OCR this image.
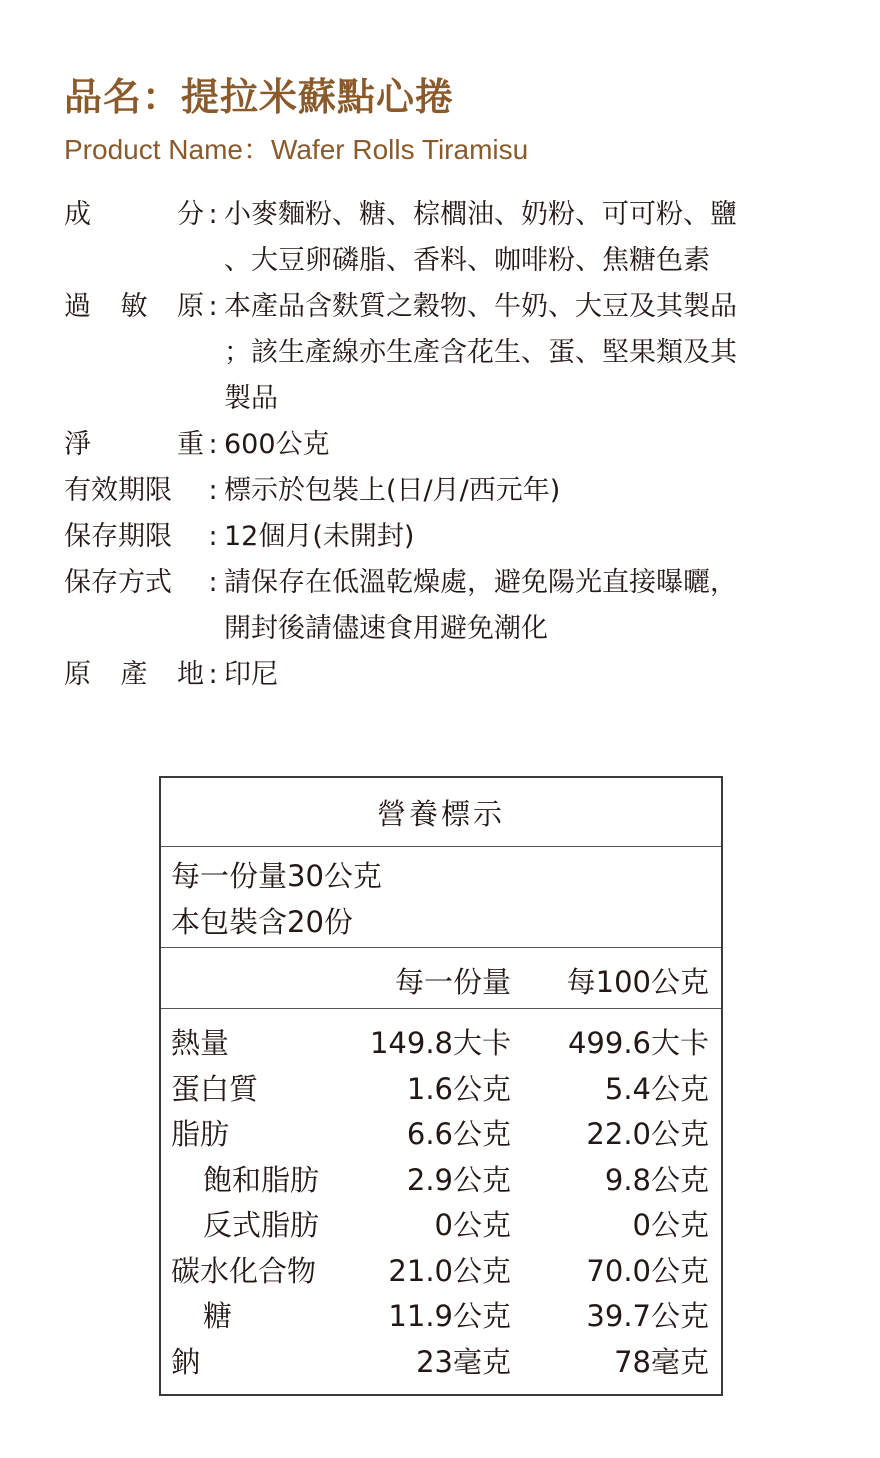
品名：提拉米蘇點心捲
Product Name：Wafer Rolls Tiramisu
成	分 : 小麥麵粉、糖、棕櫚油、奶粉、可可粉、鹽
、大豆卵磷脂、香料、咖啡粉、焦糖色素
過 敏 原 : 本產品含麩質之穀物、牛奶、大豆及其製品
；該生產線亦生產含花生、蛋、堅果類及其
製品
淨	重 : 600公克
有效期限 : 標示於包裝上(日/月/西元年)
保存期限 : 12個月(未開封)
保存方式 : 請保存在低溫乾燥處，避免陽光直接曝曬，
開封後請儘速食用避免潮化
原 產 地 : 印尼
營養標示
每一份量30公克
本包裝含20份
每一份量 每100公克
熱量	149.8大卡 499.6大卡
蛋白質	1.6公克	5.4公克
脂肪	6.6公克	22.0公克
飽和脂肪	2.9公克	9.8公克
反式脂肪	0公克	0公克
碳水化合物 21.0公克	70.0公克
糖	11.9公克	39.7公克
鈉	23毫克	78毫克
